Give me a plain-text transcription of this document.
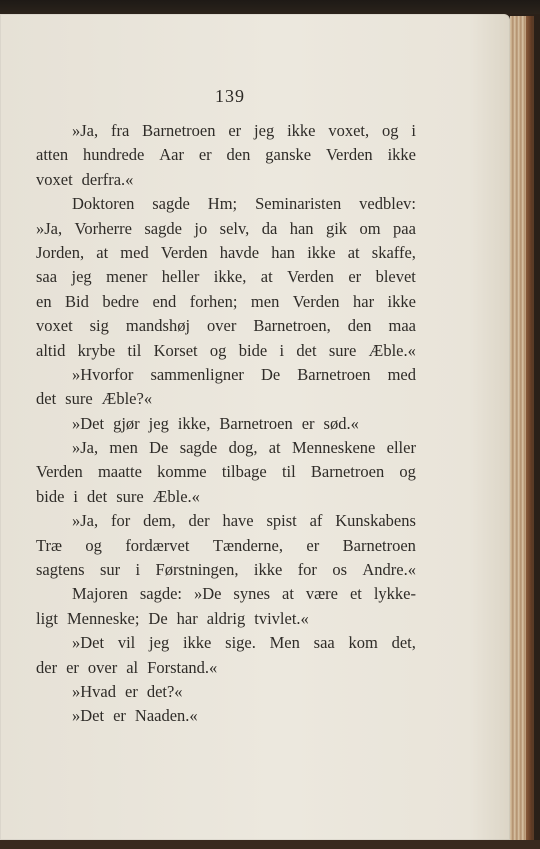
139
»Ja, fra Barnetroen er jeg ikke voxet, og i
atten hundrede Aar er den ganske Verden ikke
voxet derfra.«
Doktoren sagde Hm; Seminaristen vedblev:
»Ja, Vorherre sagde jo selv, da han gik om paa
Jorden, at med Verden havde han ikke at skaffe,
saa jeg mener heller ikke, at Verden er blevet
en Bid bedre end forhen; men Verden har ikke
voxet sig mandshøj over Barnetroen, den maa
altid krybe til Korset og bide i det sure Æble.«
»Hvorfor sammenligner De Barnetroen med
det sure Æble?«
»Det gjør jeg ikke, Barnetroen er sød.«
»Ja, men De sagde dog, at Menneskene eller
Verden maatte komme tilbage til Barnetroen og
bide i det sure Æble.«
»Ja, for dem, der have spist af Kunskabens
Træ og fordærvet Tænderne, er Barnetroen
sagtens sur i Førstningen, ikke for os Andre.«
Majoren sagde: »De synes at være et lykke-
ligt Menneske; De har aldrig tvivlet.«
»Det vil jeg ikke sige. Men saa kom det,
der er over al Forstand.«
»Hvad er det?«
»Det er Naaden.«
